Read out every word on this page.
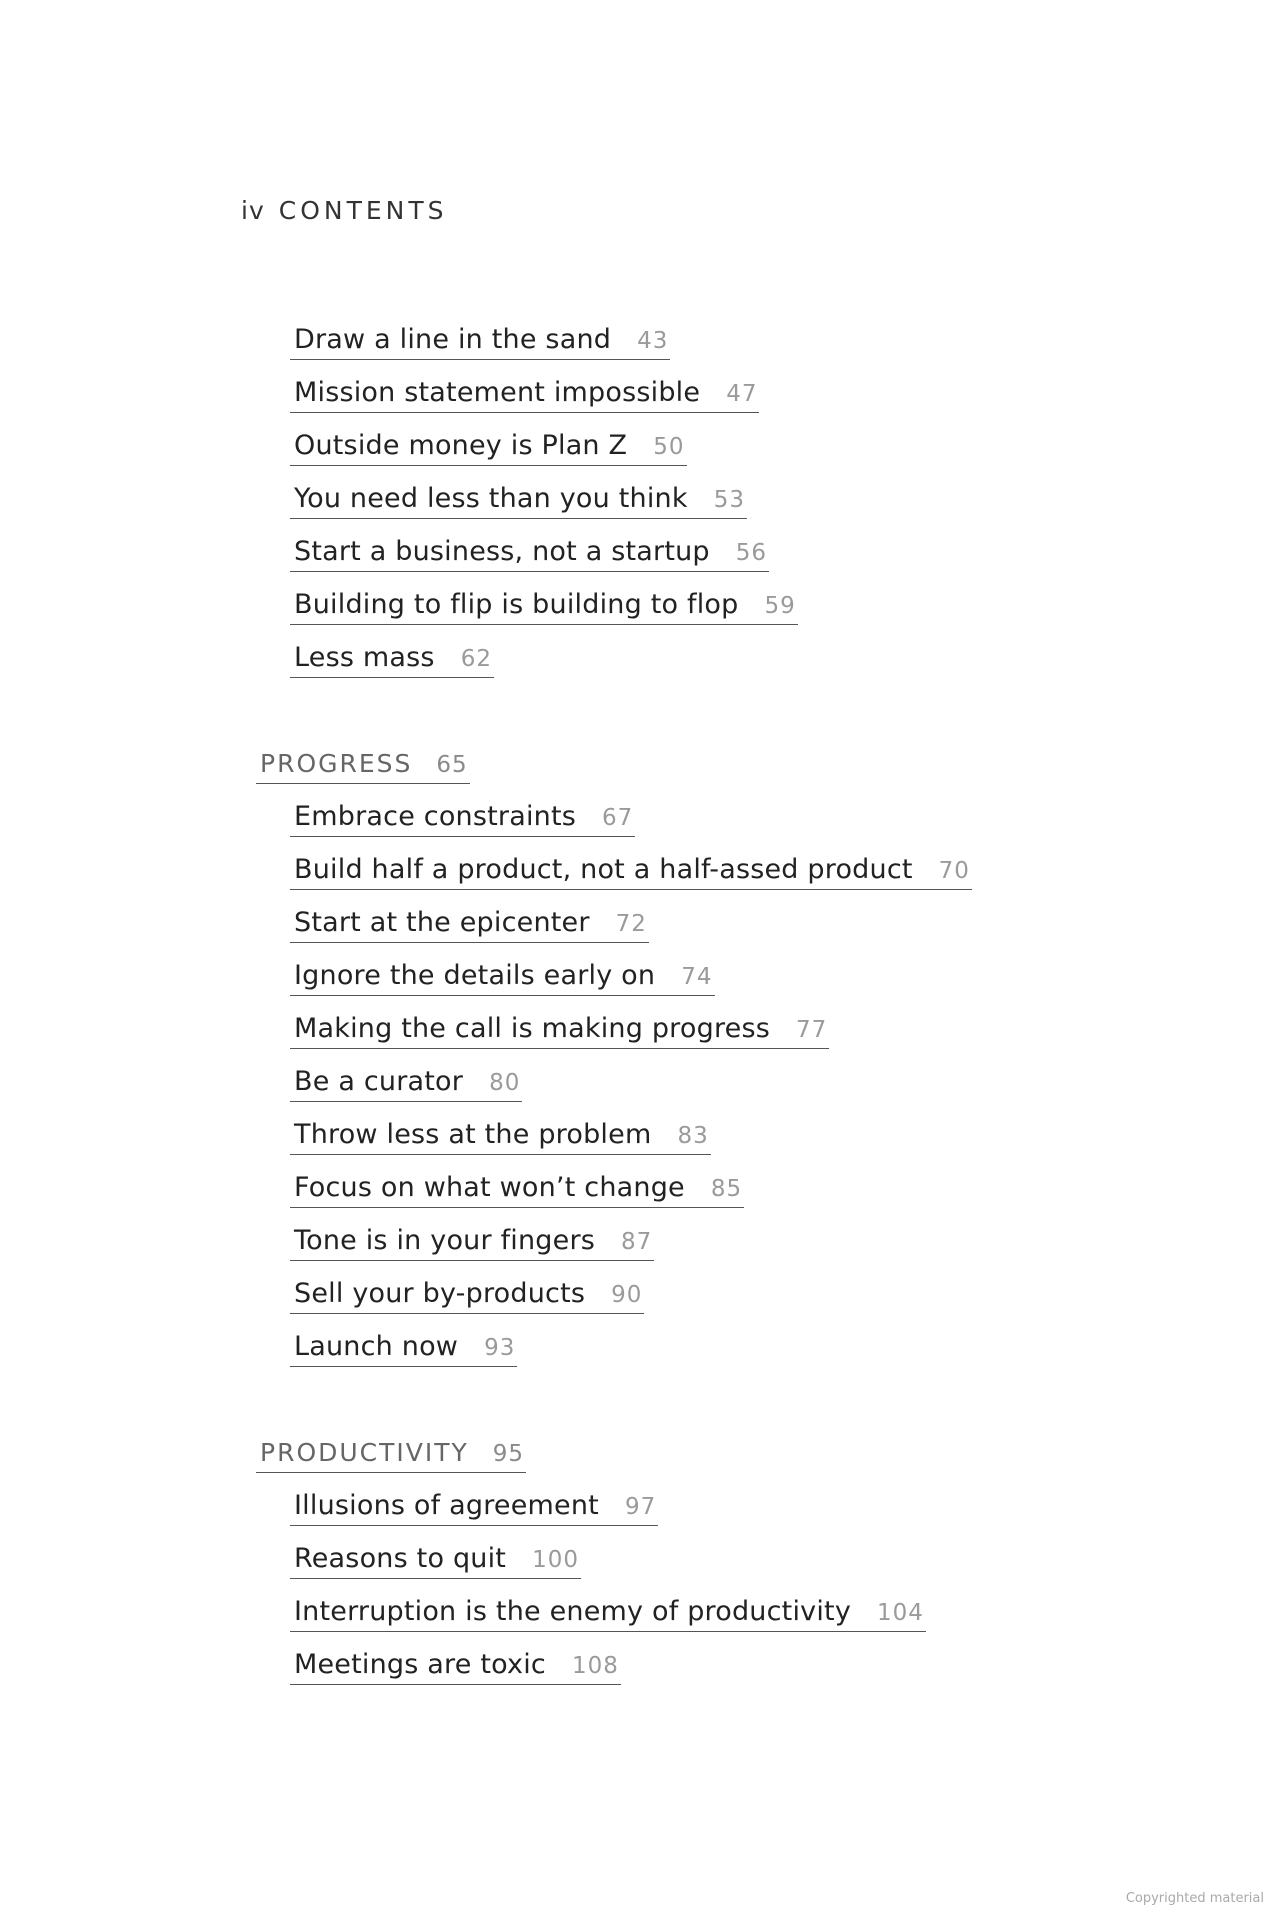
iv CONTENTS
Draw a line in the sand 43
Mission statement impossible 47
Outside money is Plan Z 50
You need less than you think 53
Start a business, not a startup 56
Building to flip is building to flop 59
Less mass 62
PROGRESS 65
Embrace constraints 67
Build half a product, not a half-assed product 70
Start at the epicenter 72
Ignore the details early on 74
Making the call is making progress 77
Be a curator 80
Throw less at the problem 83
Focus on what won’t change 85
Tone is in your fingers 87
Sell your by-products 90
Launch now 93
PRODUCTIVITY 95
Illusions of agreement 97
Reasons to quit 100
Interruption is the enemy of productivity 104
Meetings are toxic 108
Copyrighted material
